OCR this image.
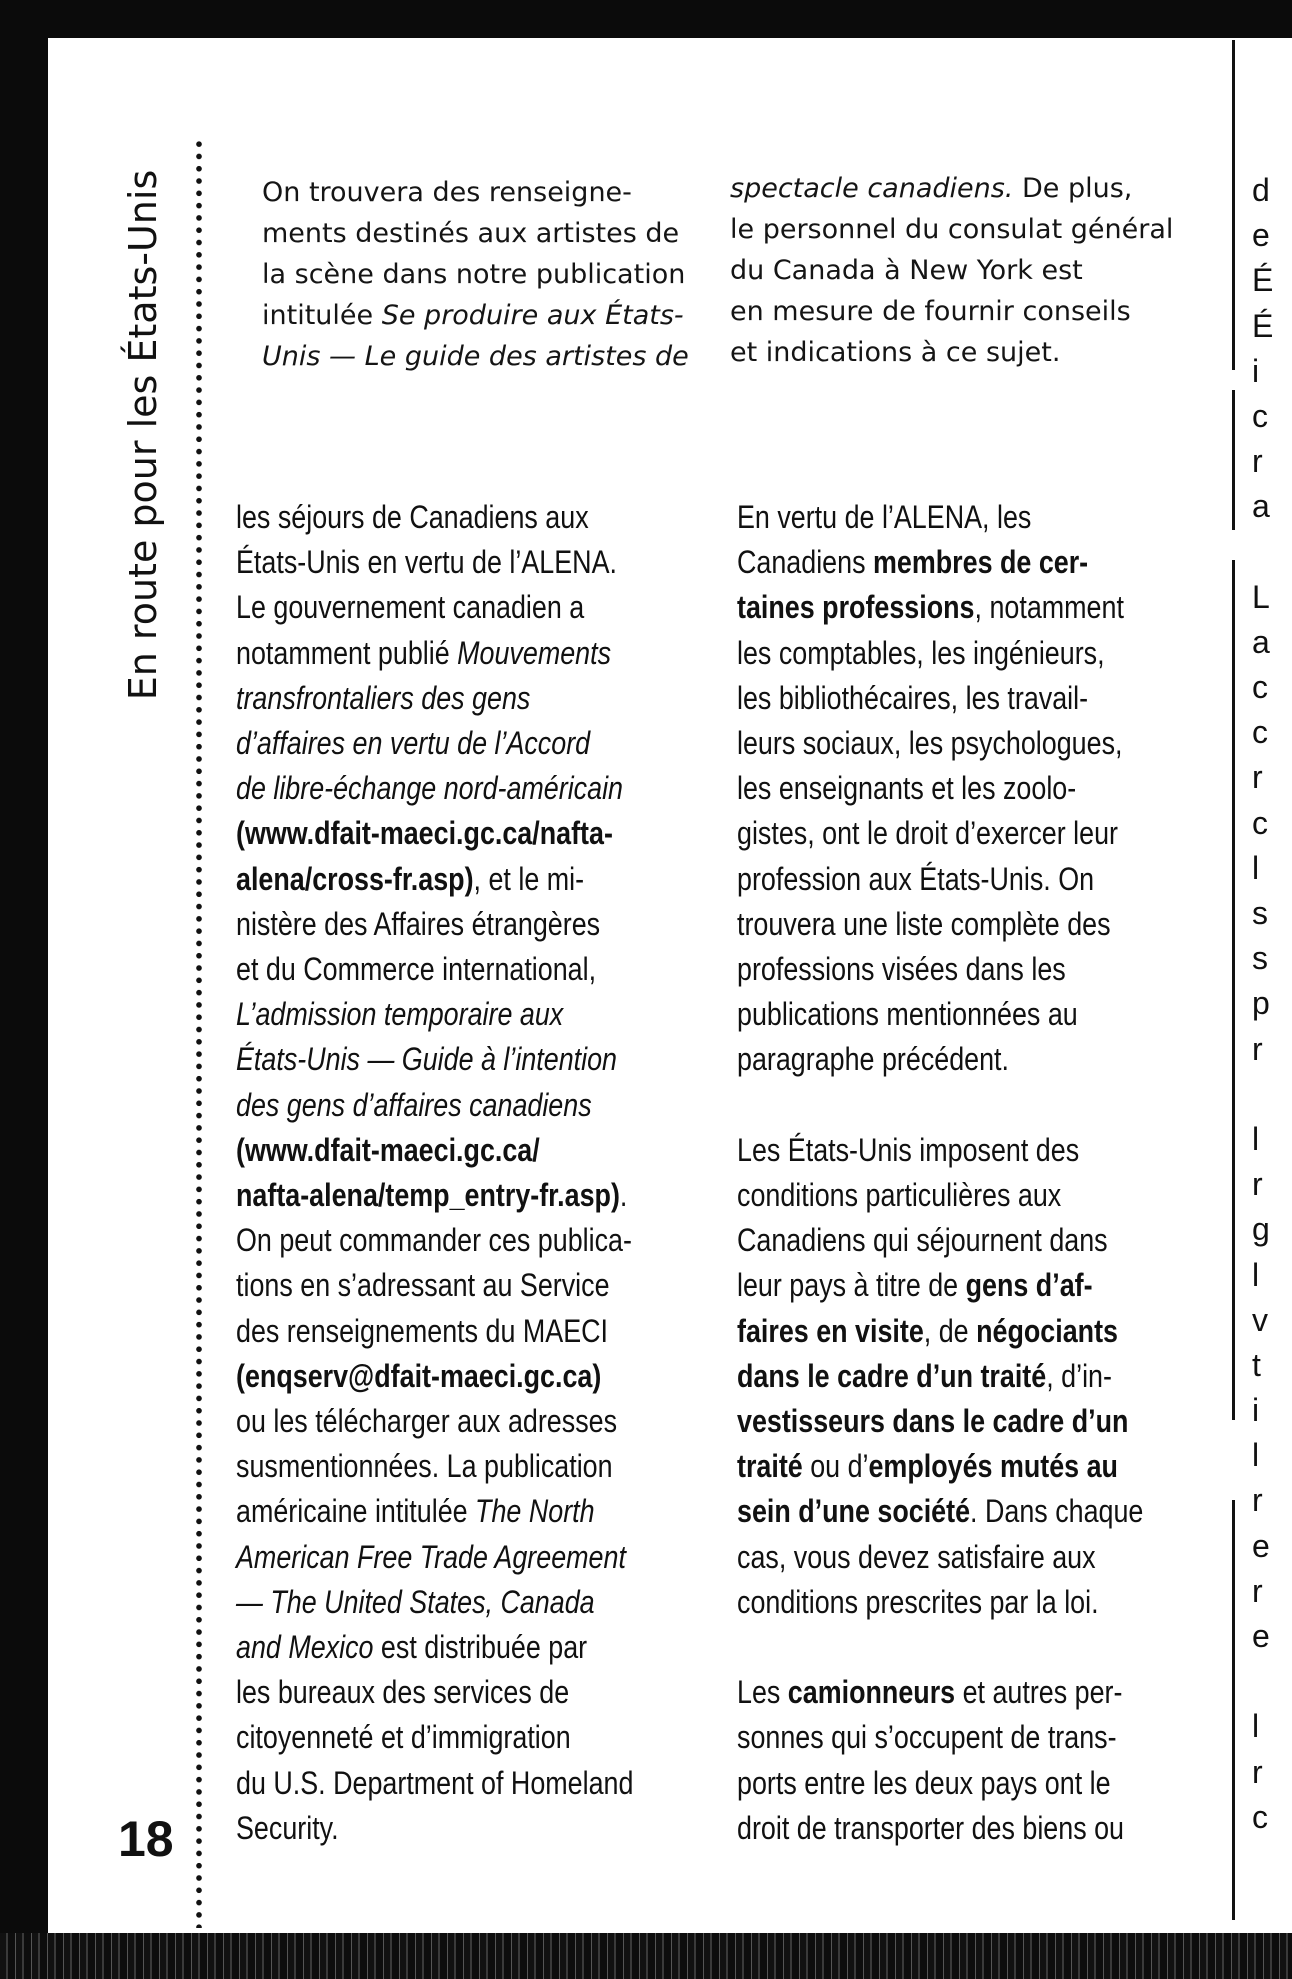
En route pour les États-Unis
18
On trouvera des renseigne-
ments destinés aux artistes de
la scène dans notre publication
intitulée Se produire aux États-
Unis — Le guide des artistes de
spectacle canadiens. De plus,
le personnel du consulat général
du Canada à New York est
en mesure de fournir conseils
et indications à ce sujet.

les séjours de Canadiens aux
États-Unis en vertu de l’ALENA.
Le gouvernement canadien a
notamment publié Mouvements
transfrontaliers des gens
d’affaires en vertu de l’Accord
de libre-échange nord-américain
(www.dfait-maeci.gc.ca/nafta-
alena/cross-fr.asp), et le mi-
nistère des Affaires étrangères
et du Commerce international,
L’admission temporaire aux
États-Unis — Guide à l’intention
des gens d’affaires canadiens
(www.dfait-maeci.gc.ca/
nafta-alena/temp_entry-fr.asp).
On peut commander ces publica-
tions en s’adressant au Service
des renseignements du MAECI
(enqserv@dfait-maeci.gc.ca)
ou les télécharger aux adresses
susmentionnées. La publication
américaine intitulée The North
American Free Trade Agreement
— The United States, Canada
and Mexico est distribuée par
les bureaux des services de
citoyenneté et d’immigration
du U.S. Department of Homeland
Security.

En vertu de l’ALENA, les
Canadiens membres de cer-
taines professions, notamment
les comptables, les ingénieurs,
les bibliothécaires, les travail-
leurs sociaux, les psychologues,
les enseignants et les zoolo-
gistes, ont le droit d’exercer leur
profession aux États-Unis. On
trouvera une liste complète des
professions visées dans les
publications mentionnées au
paragraphe précédent.

Les États-Unis imposent des
conditions particulières aux
Canadiens qui séjournent dans
leur pays à titre de gens d’af-
faires en visite, de négociants
dans le cadre d’un traité, d’in-
vestisseurs dans le cadre d’un
traité ou d’employés mutés au
sein d’une société. Dans chaque
cas, vous devez satisfaire aux
conditions prescrites par la loi.

Les camionneurs et autres per-
sonnes qui s’occupent de trans-
ports entre les deux pays ont le
droit de transporter des biens ou

d
e
É
É
i
c
r
a
L
a
c
c
r
c
l
s
s
p
r
l
r
g
l
v
t
i
l
r
e
r
e
l
r
c
